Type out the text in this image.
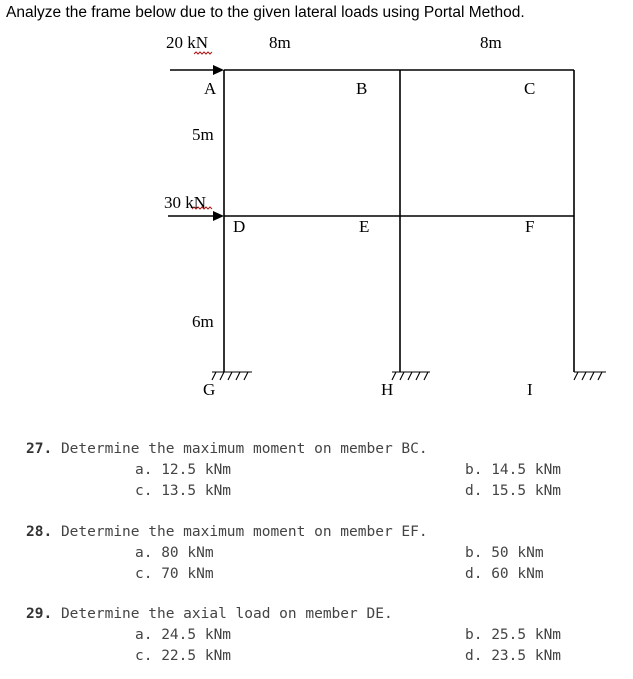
Analyze the frame below due to the given lateral loads using Portal Method.

20 kN
30 kN
8m	8m
5m
6m
A	B	C
D	E	F
G	H	I
27. Determine the maximum moment on member BC.
a. 12.5 kNm	b. 14.5 kNm
c. 13.5 kNm	d. 15.5 kNm
28. Determine the maximum moment on member EF.
a. 80 kNm	b. 50 kNm
c. 70 kNm	d. 60 kNm
29. Determine the axial load on member DE.
a. 24.5 kNm	b. 25.5 kNm
c. 22.5 kNm	d. 23.5 kNm
